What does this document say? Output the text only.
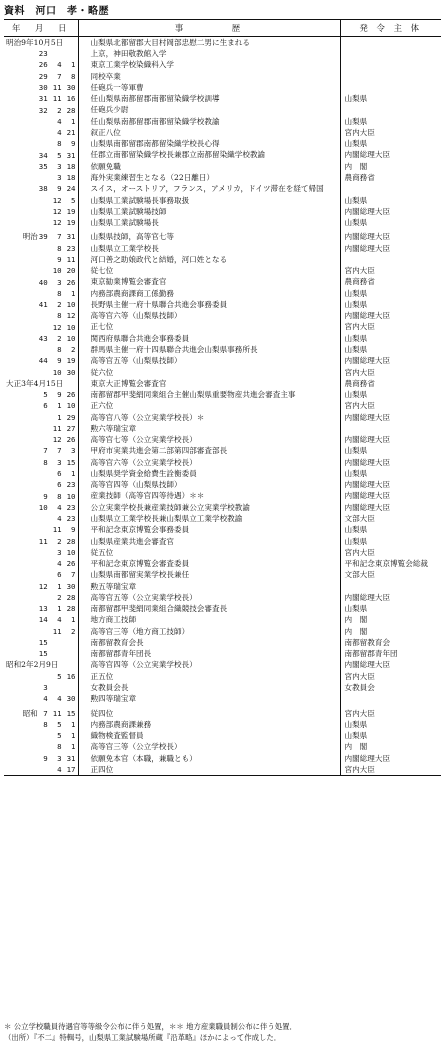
資料　河口　孝・略歴
年 月 日	事　　　　歴	発 令 主 体

明治9年10月5日	山梨県北都留郡大目村岡部忠慰二男に生まれる	

23	上京，神田敬教館入学	

26 4 1	東京工業学校染織科入学	

29 7 8	同校卒業	

30 11 30	任砲兵一等軍曹	

31 11 16	任山梨県南都留郡南都留染織学校訓導	山梨県

32 2 28	任砲兵少尉	

4 1	任山梨県南都留郡南都留染織学校教諭	山梨県

4 21	叙正八位	宮内大臣

8 9	山梨県南都留郡南都留染織学校長心得	山梨県

34 5 31	任郡立南都留染織学校長兼郡立南都留染織学校教諭	内閣総理大臣

35 3 18	依願免職	内　閣

3 18	海外実業練習生となる（22日離日）	農商務省

38 9 24	スイス，オーストリア，フランス，アメリカ，ドイツ滞在を経て帰国	

12 5	山梨県工業試験場長事務取扱	山梨県

12 19	山梨県工業試験場技師	内閣総理大臣

12 19	山梨県工業試験場長	山梨県

明治 39 7 31	山梨県技師，高等官七等	内閣総理大臣

8 23	山梨県立工業学校長	内閣総理大臣

9 11	河口善之助娘政代と結婚，河口姓となる	

10 20	従七位	宮内大臣

40 3 26	東京勧業博覧会審査官	農商務省

8 1	内務部農商課商工係勤務	山梨県

41 2 10	長野県主催一府十県聯合共進会事務委員	山梨県

8 12	高等官六等（山梨県技師）	内閣総理大臣

12 10	正七位	宮内大臣

43 2 10	関西府県聯合共進会事務委員	山梨県

8 2	群馬県主催一府十四県聯合共進会山梨県事務所長	山梨県

44 9 19	高等官五等（山梨県技師）	内閣総理大臣

10 30	従六位	宮内大臣

大正3年4月15日	東京大正博覧会審査官	農商務省

5 9 26	南都留郡甲斐絹同業組合主催山梨県重要物産共進会審査主事	山梨県

6 1 10	正六位	宮内大臣

1 29	高等官八等（公立実業学校長）＊	内閣総理大臣

11 27	勲六等瑞宝章	

12 26	高等官七等（公立実業学校長）	内閣総理大臣

7 7 3	甲府市実業共進会第二部第四部審査部長	山梨県

8 3 15	高等官六等（公立実業学校長）	内閣総理大臣

6 1	山梨県奨学資金給費生詮衡委員	山梨県

6 23	高等官四等（山梨県技師）	内閣総理大臣

9 8 10	産業技師（高等官四等待遇）＊＊	内閣総理大臣

10 4 23	公立実業学校長兼産業技師兼公立実業学校教諭	内閣総理大臣

4 23	山梨県立工業学校長兼山梨県立工業学校教諭	文部大臣

11 9	平和記念東京博覧会事務委員	山梨県

11 2 28	山梨県産業共進会審査官	山梨県

3 10	従五位	宮内大臣

4 26	平和記念東京博覧会審査委員	平和記念東京博覧会総裁

6 7	山梨県南都留実業学校長兼任	文部大臣

12 1 30	勲五等瑞宝章	

2 28	高等官五等（公立実業学校長）	内閣総理大臣

13 1 28	南都留郡甲斐絹同業組合織競技会審査長	山梨県

14 4 1	地方商工技師	内　閣

11 2	高等官三等（地方商工技師）	内　閣

15	南都留教育会長	南都留教育会

15	南都留郡青年団長	南都留郡青年団

昭和2年2月9日	高等官四等（公立実業学校長）	内閣総理大臣

5 16	正五位	宮内大臣

3	女教員会長	女教員会

4 4 30	勲四等瑞宝章	

昭和 7 11 15	従四位	宮内大臣

8 5 1	内務部農商課兼務	山梨県

5 1	織物検査監督員	山梨県

8 1	高等官三等（公立学校長）	内　閣

9 3 31	依願免本官（本職，兼職とも）	内閣総理大臣

4 17	正四位	宮内大臣
＊ 公立学校職員待遇官等等級令公布に伴う処置，＊＊ 地方産業職員制公布に伴う処置．
（出所）『不二』特輯号，山梨県工業試験場所蔵『沿革略』ほかによって作成した．
